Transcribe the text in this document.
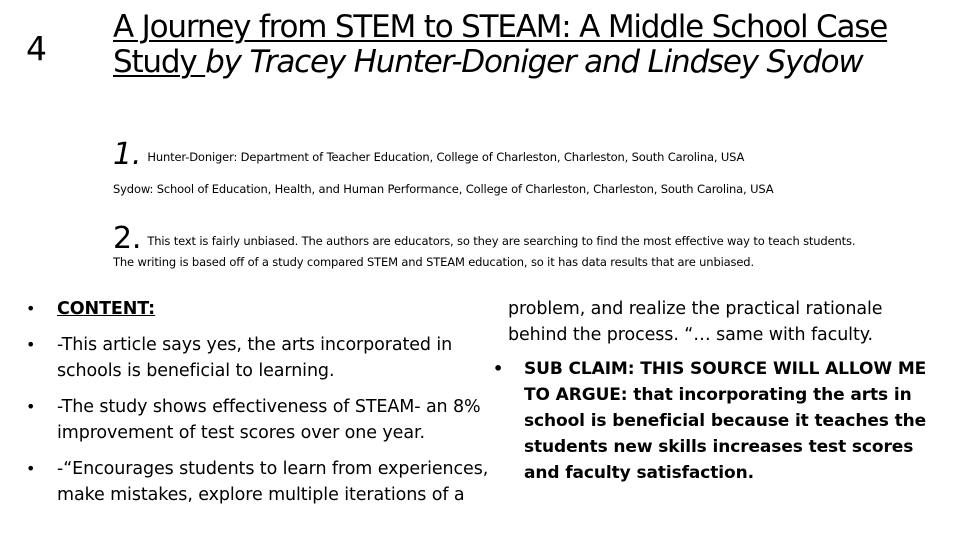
4
A Journey from STEM to STEAM: A Middle School Case Study by Tracey Hunter-Doniger and Lindsey Sydow
1. Hunter-Doniger: Department of Teacher Education, College of Charleston, Charleston, South Carolina, USA
Sydow: School of Education, Health, and Human Performance, College of Charleston, Charleston, South Carolina, USA
2. This text is fairly unbiased. The authors are educators, so they are searching to find the most effective way to teach students. The writing is based off of a study compared STEM and STEAM education, so it has data results that are unbiased.
• CONTENT:
• -This article says yes, the arts incorporated in schools is beneficial to learning.
• -The study shows effectiveness of STEAM- an 8% improvement of test scores over one year.
• -“Encourages students to learn from experiences, make mistakes, explore multiple iterations of a
problem, and realize the practical rationale behind the process. “… same with faculty.
• SUB CLAIM: THIS SOURCE WILL ALLOW ME TO ARGUE: that incorporating the arts in school is beneficial because it teaches the students new skills increases test scores and faculty satisfaction.
